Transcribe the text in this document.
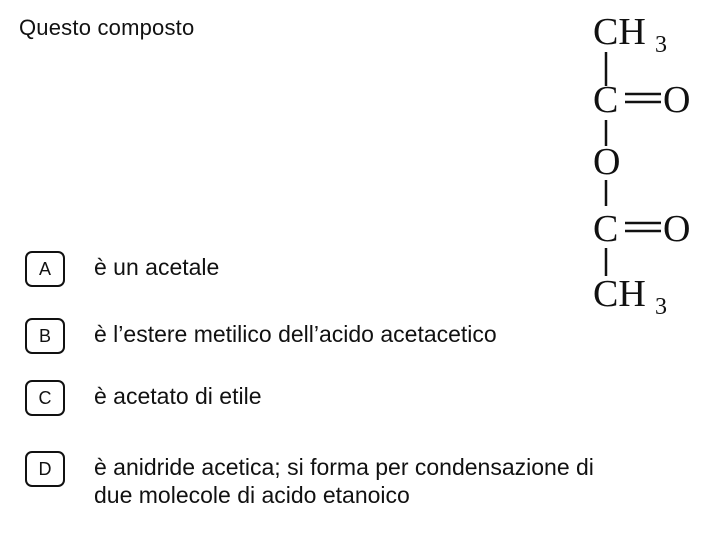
Questo composto	CH 3
C O
O
C O
CH 3
A	è un acetale
B	è l’estere metilico dell’acido acetacetico
C	è acetato di etile
D	è anidride acetica; si forma per condensazione di
due molecole di acido etanoico
